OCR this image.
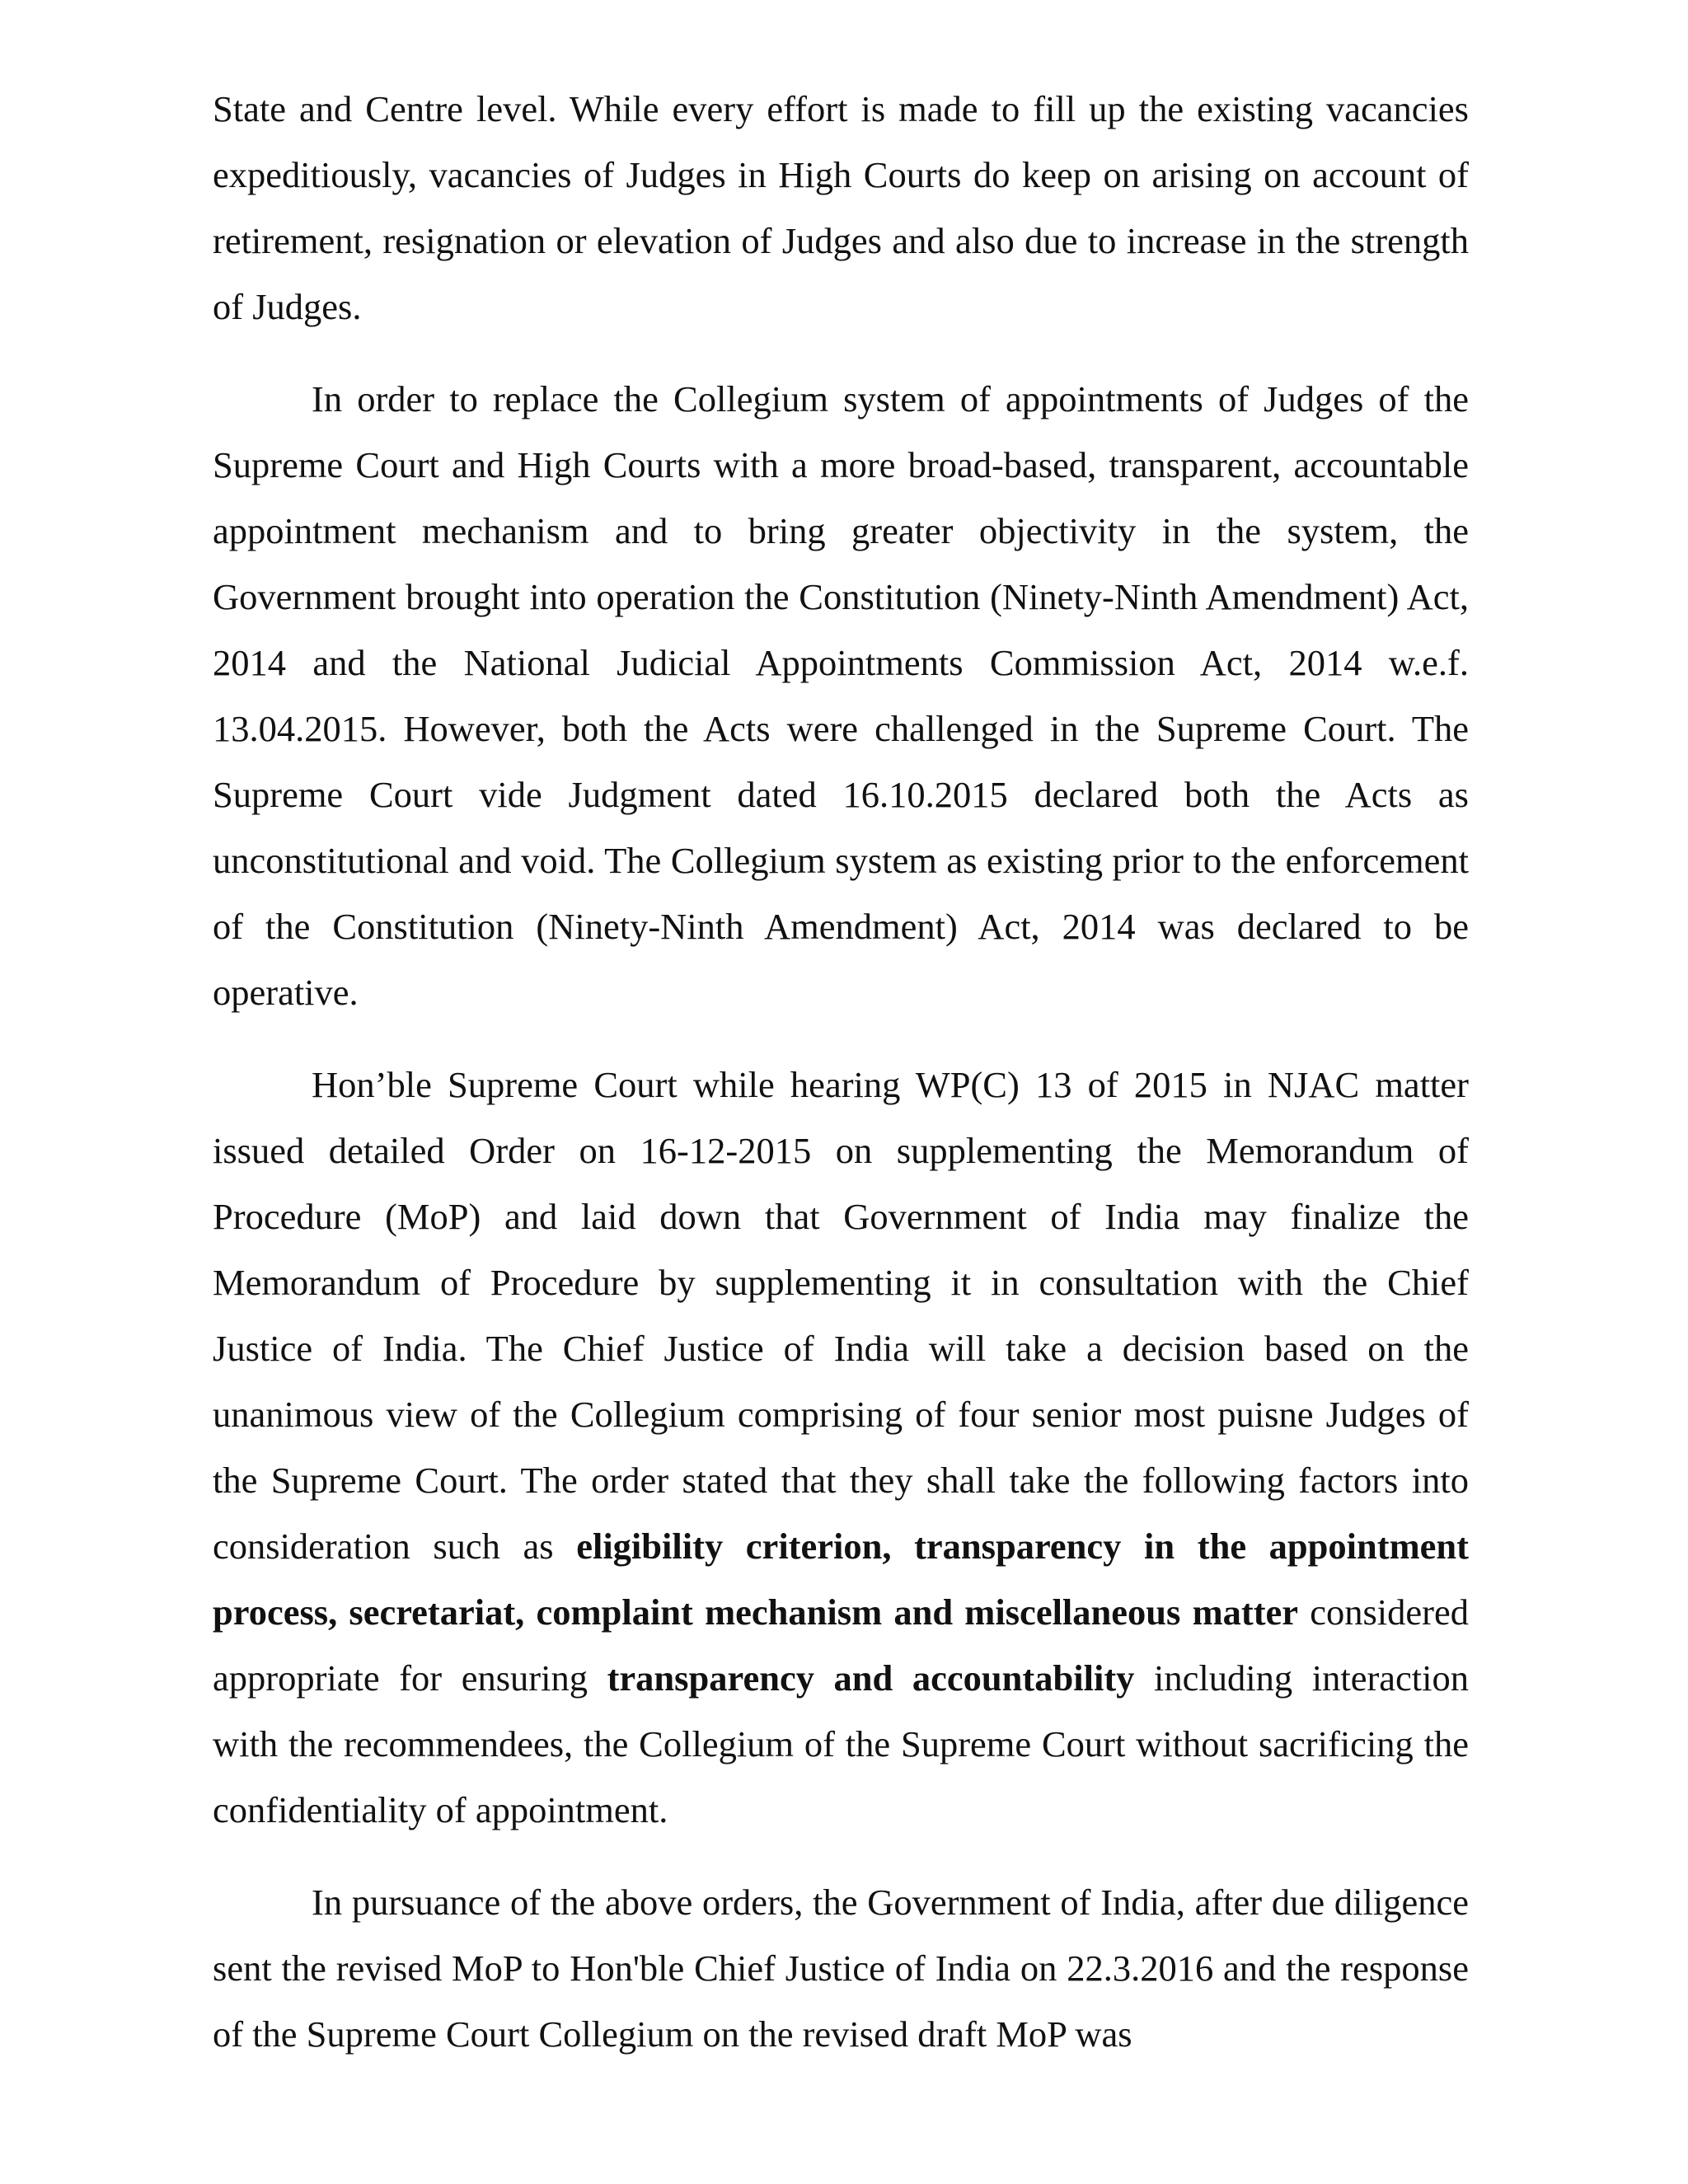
State and Centre level. While every effort is made to fill up the existing vacancies expeditiously, vacancies of Judges in High Courts do keep on arising on account of retirement, resignation or elevation of Judges and also due to increase in the strength of Judges.

In order to replace the Collegium system of appointments of Judges of the Supreme Court and High Courts with a more broad-based, transparent, accountable appointment mechanism and to bring greater objectivity in the system, the Government brought into operation the Constitution (Ninety-Ninth Amendment) Act, 2014 and the National Judicial Appointments Commission Act, 2014 w.e.f. 13.04.2015. However, both the Acts were challenged in the Supreme Court. The Supreme Court vide Judgment dated 16.10.2015 declared both the Acts as unconstitutional and void. The Collegium system as existing prior to the enforcement of the Constitution (Ninety-Ninth Amendment) Act, 2014 was declared to be operative.

Hon’ble Supreme Court while hearing WP(C) 13 of 2015 in NJAC matter issued detailed Order on 16-12-2015 on supplementing the Memorandum of Procedure (MoP) and laid down that Government of India may finalize the Memorandum of Procedure by supplementing it in consultation with the Chief Justice of India. The Chief Justice of India will take a decision based on the unanimous view of the Collegium comprising of four senior most puisne Judges of the Supreme Court. The order stated that they shall take the following factors into consideration such as eligibility criterion, transparency in the appointment process, secretariat, complaint mechanism and miscellaneous matter considered appropriate for ensuring transparency and accountability including interaction with the recommendees, the Collegium of the Supreme Court without sacrificing the confidentiality of appointment.

In pursuance of the above orders, the Government of India, after due diligence sent the revised MoP to Hon'ble Chief Justice of India on 22.3.2016 and the response of the Supreme Court Collegium on the revised draft MoP was
